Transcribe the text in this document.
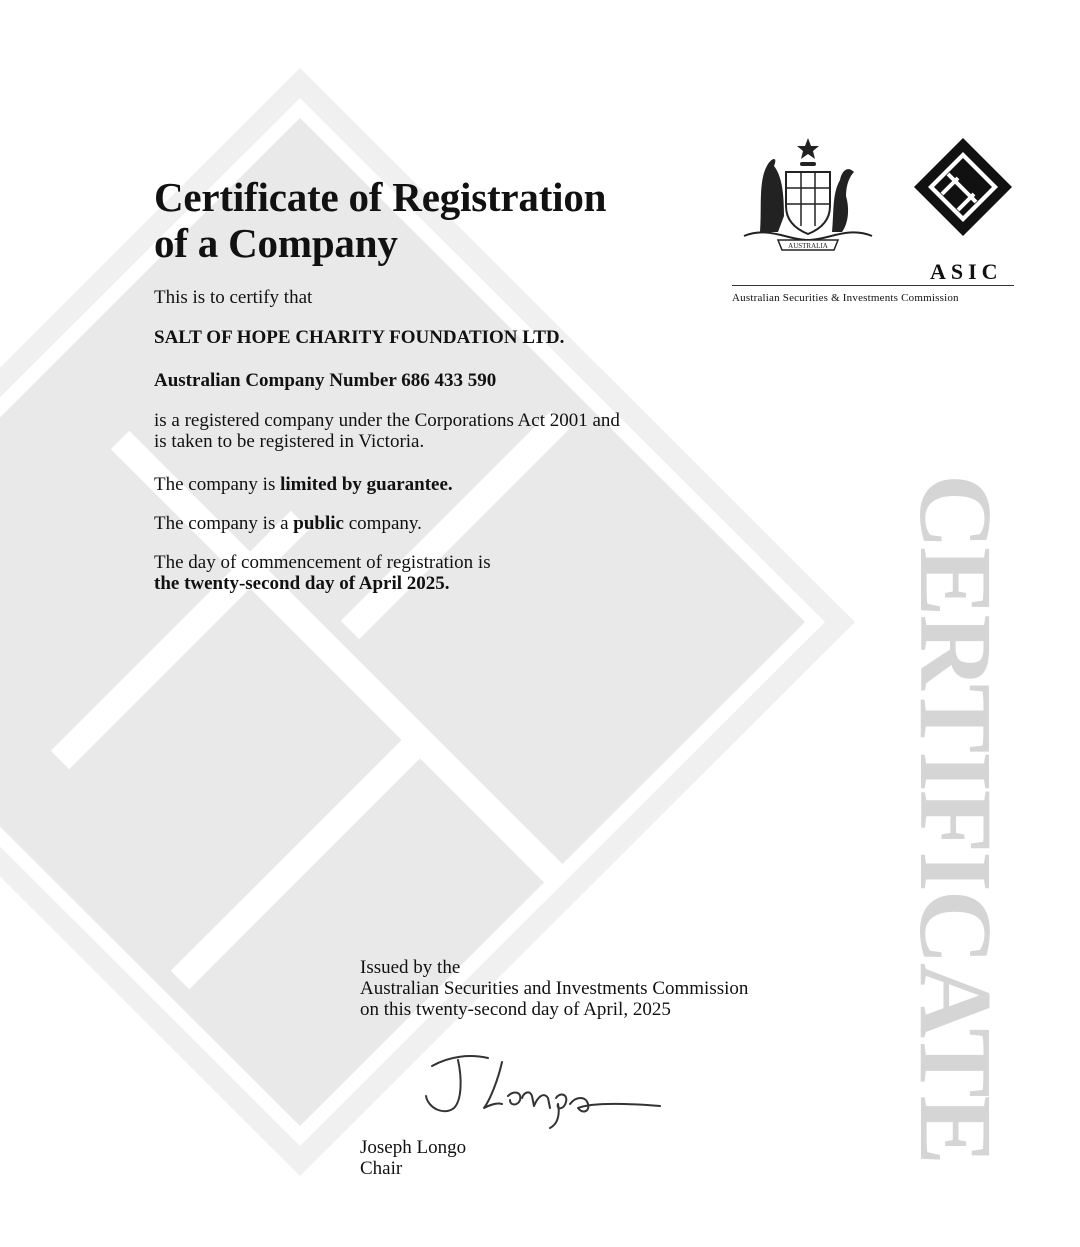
Certificate of Registration
of a Company
This is to certify that
SALT OF HOPE CHARITY FOUNDATION LTD.
Australian Company Number 686 433 590
is a registered company under the Corporations Act 2001 and
is taken to be registered in Victoria.
The company is limited by guarantee.
The company is a public company.
The day of commencement of registration is
the twenty-second day of April 2025.
Issued by the
Australian Securities and Investments Commission
on this twenty-second day of April, 2025
Joseph Longo
Chair
AUSTRALIA
ASIC
Australian Securities & Investments Commission
CERTIFICATE
